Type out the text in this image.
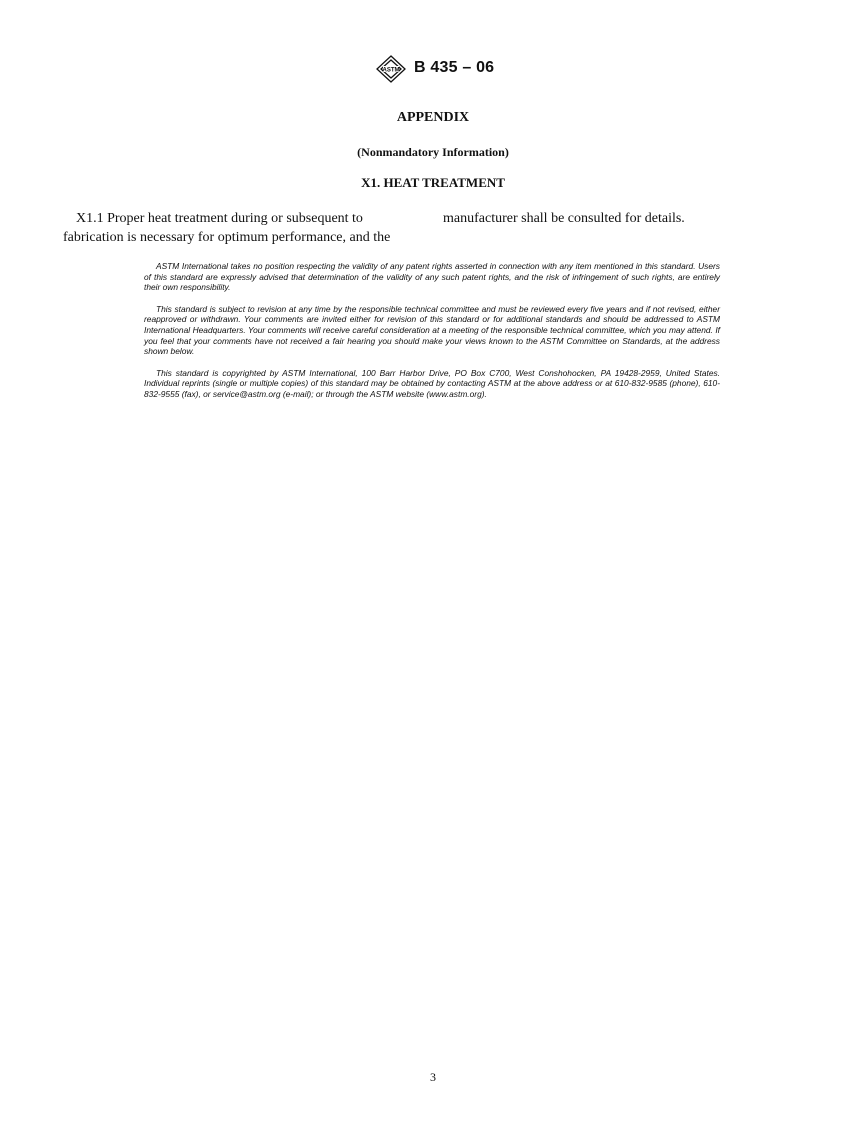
ASTM B 435 – 06
APPENDIX
(Nonmandatory Information)
X1. HEAT TREATMENT

X1.1 Proper heat treatment during or subsequent to fabrication is necessary for optimum performance, and the

manufacturer shall be consulted for details.

ASTM International takes no position respecting the validity of any patent rights asserted in connection with any item mentioned in this standard. Users of this standard are expressly advised that determination of the validity of any such patent rights, and the risk of infringement of such rights, are entirely their own responsibility.

This standard is subject to revision at any time by the responsible technical committee and must be reviewed every five years and if not revised, either reapproved or withdrawn. Your comments are invited either for revision of this standard or for additional standards and should be addressed to ASTM International Headquarters. Your comments will receive careful consideration at a meeting of the responsible technical committee, which you may attend. If you feel that your comments have not received a fair hearing you should make your views known to the ASTM Committee on Standards, at the address shown below.

This standard is copyrighted by ASTM International, 100 Barr Harbor Drive, PO Box C700, West Conshohocken, PA 19428-2959, United States. Individual reprints (single or multiple copies) of this standard may be obtained by contacting ASTM at the above address or at 610-832-9585 (phone), 610-832-9555 (fax), or service@astm.org (e-mail); or through the ASTM website (www.astm.org).

3
